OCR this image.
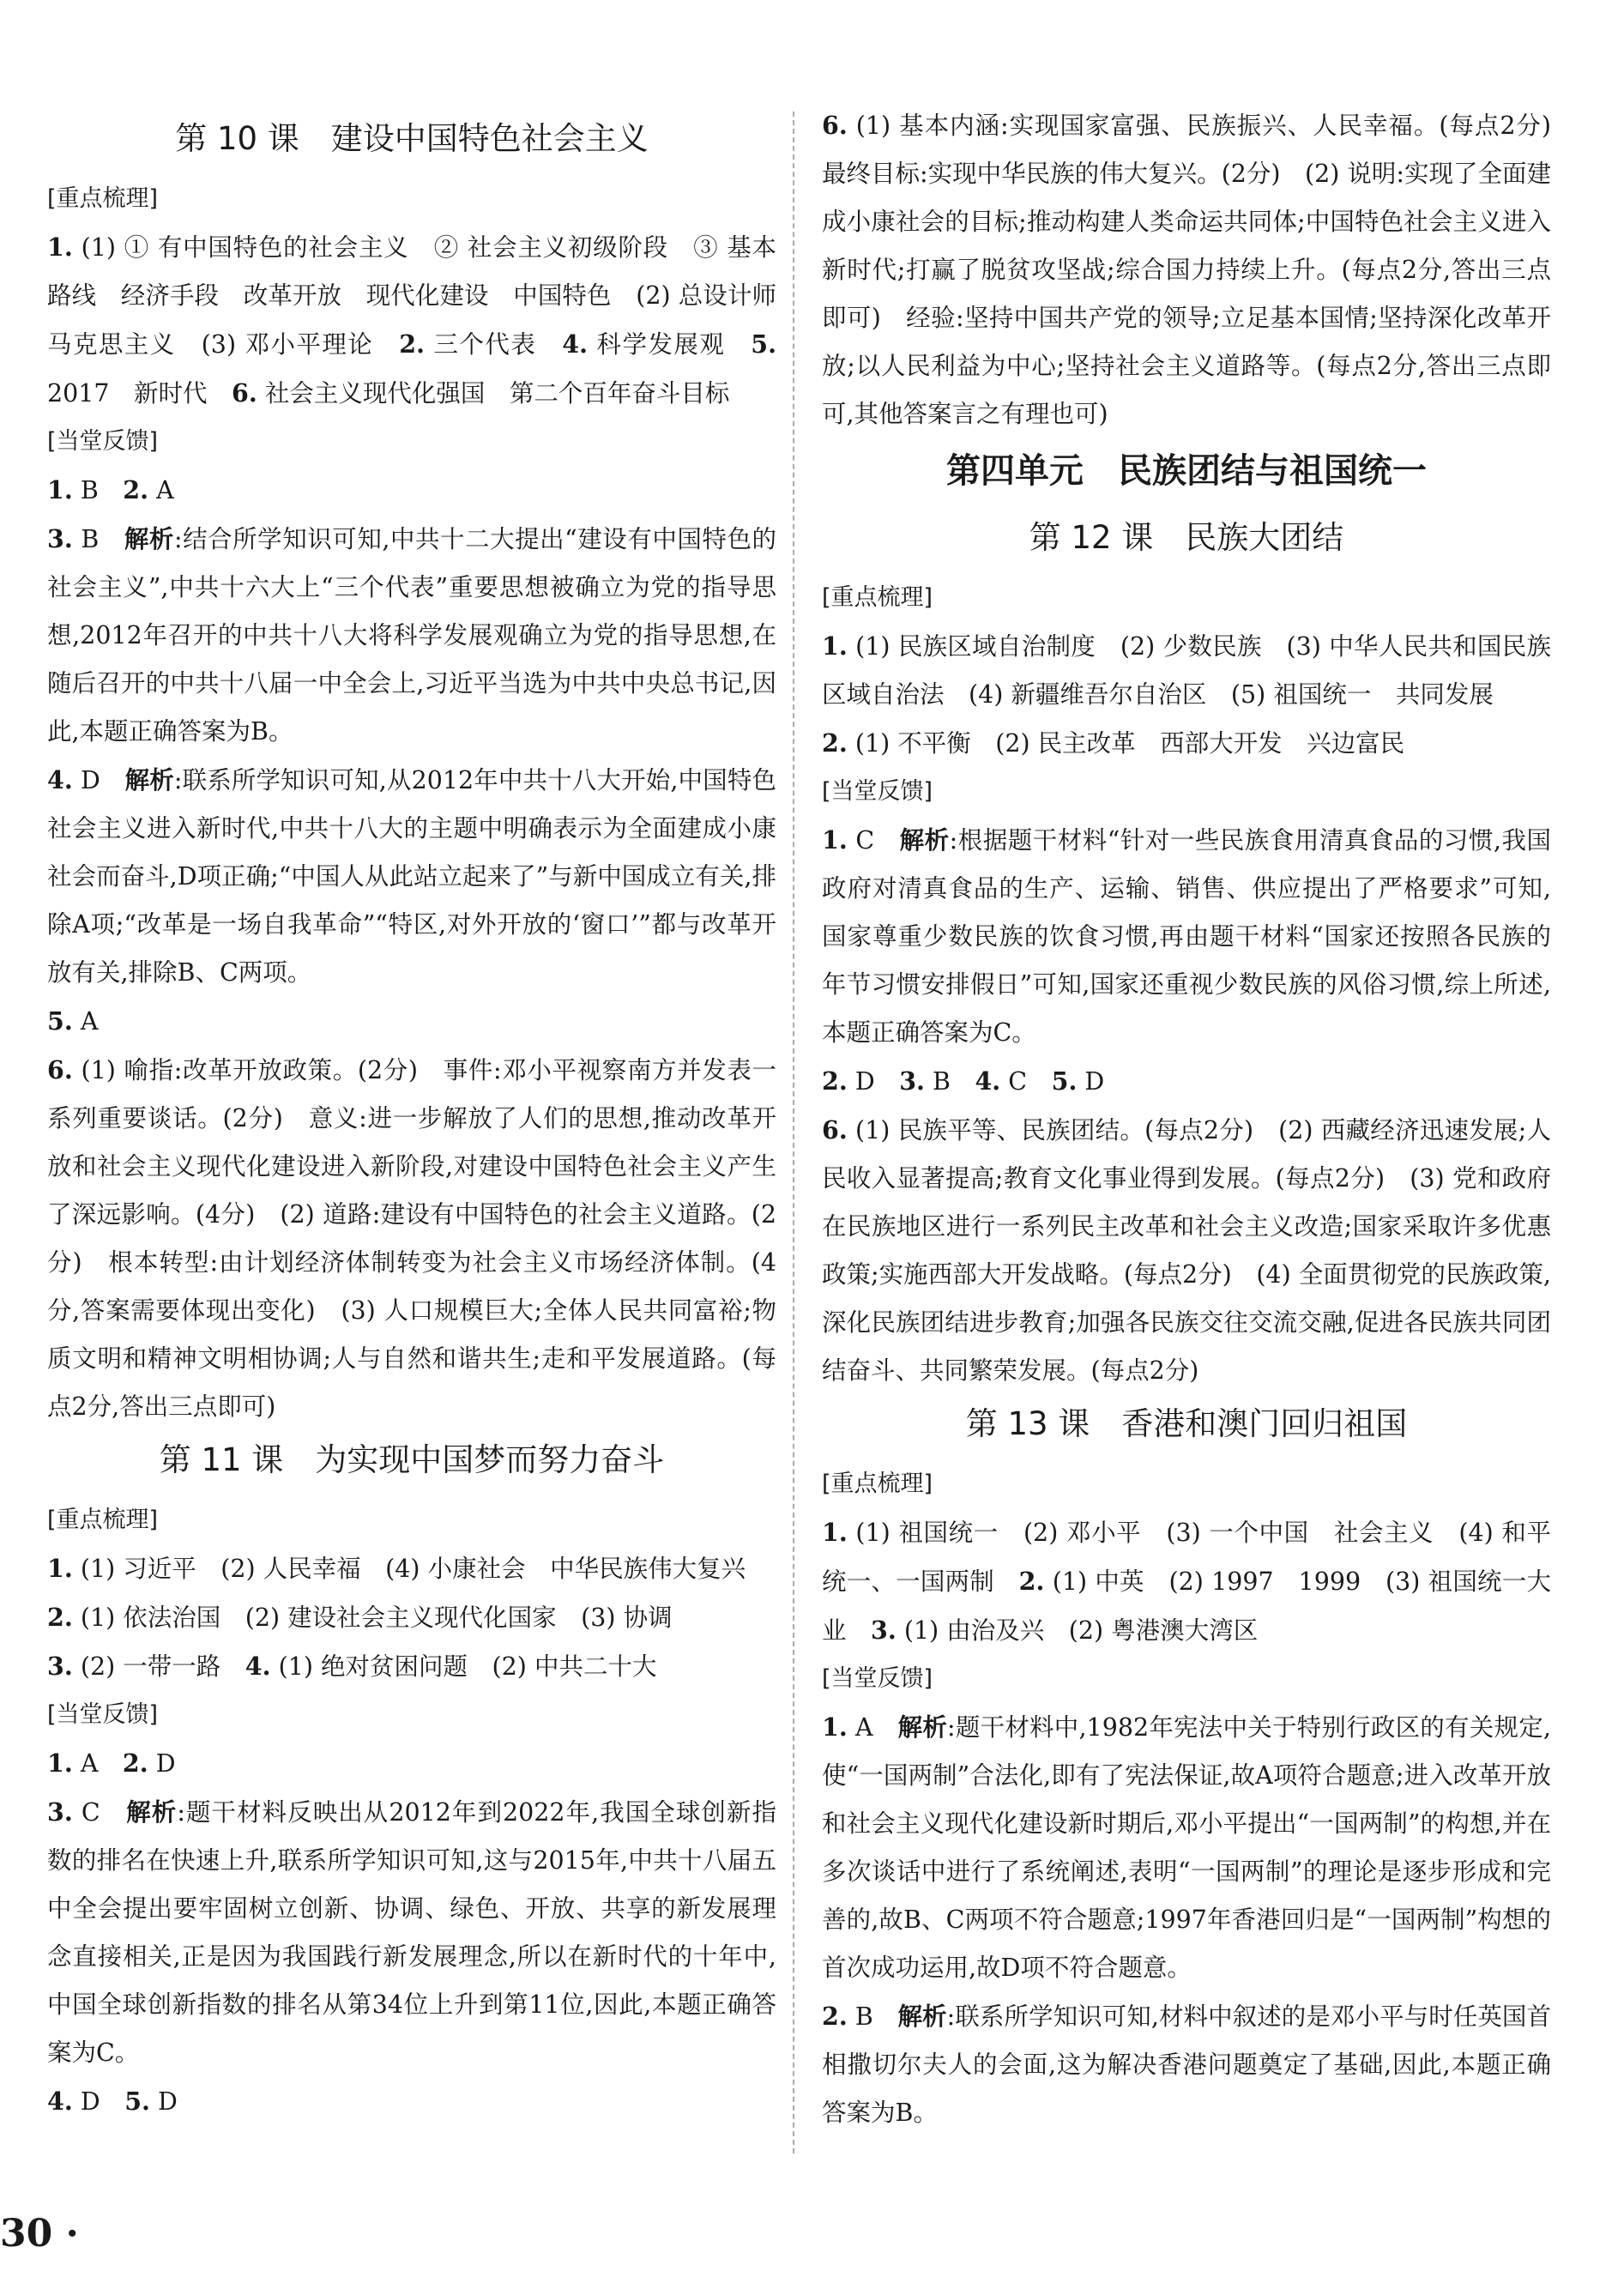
第 10 课　建设中国特色社会主义
[重点梳理]

1. (1) ① 有中国特色的社会主义　② 社会主义初级阶段　③ 基本路线　经济手段　改革开放　现代化建设　中国特色　(2) 总设计师　马克思主义　(3) 邓小平理论　2. 三个代表　4. 科学发展观　5. 2017　新时代　6. 社会主义现代化强国　第二个百年奋斗目标

[当堂反馈]

1. B　2. A

3. B　解析:结合所学知识可知,中共十二大提出“建设有中国特色的社会主义”,中共十六大上“三个代表”重要思想被确立为党的指导思想,2012年召开的中共十八大将科学发展观确立为党的指导思想,在随后召开的中共十八届一中全会上,习近平当选为中共中央总书记,因此,本题正确答案为B。

4. D　解析:联系所学知识可知,从2012年中共十八大开始,中国特色社会主义进入新时代,中共十八大的主题中明确表示为全面建成小康社会而奋斗,D项正确;“中国人从此站立起来了”与新中国成立有关,排除A项;“改革是一场自我革命”“特区,对外开放的‘窗口’”都与改革开放有关,排除B、C两项。

5. A

6. (1) 喻指:改革开放政策。(2分)　事件:邓小平视察南方并发表一系列重要谈话。(2分)　意义:进一步解放了人们的思想,推动改革开放和社会主义现代化建设进入新阶段,对建设中国特色社会主义产生了深远影响。(4分)　(2) 道路:建设有中国特色的社会主义道路。(2分)　根本转型:由计划经济体制转变为社会主义市场经济体制。(4分,答案需要体现出变化)　(3) 人口规模巨大;全体人民共同富裕;物质文明和精神文明相协调;人与自然和谐共生;走和平发展道路。(每点2分,答出三点即可)

第 11 课　为实现中国梦而努力奋斗
[重点梳理]

1. (1) 习近平　(2) 人民幸福　(4) 小康社会　中华民族伟大复兴

2. (1) 依法治国　(2) 建设社会主义现代化国家　(3) 协调

3. (2) 一带一路　4. (1) 绝对贫困问题　(2) 中共二十大

[当堂反馈]

1. A　2. D

3. C　解析:题干材料反映出从2012年到2022年,我国全球创新指数的排名在快速上升,联系所学知识可知,这与2015年,中共十八届五中全会提出要牢固树立创新、协调、绿色、开放、共享的新发展理念直接相关,正是因为我国践行新发展理念,所以在新时代的十年中,中国全球创新指数的排名从第34位上升到第11位,因此,本题正确答案为C。

4. D　5. D

6. (1) 基本内涵:实现国家富强、民族振兴、人民幸福。(每点2分)　最终目标:实现中华民族的伟大复兴。(2分)　(2) 说明:实现了全面建成小康社会的目标;推动构建人类命运共同体;中国特色社会主义进入新时代;打赢了脱贫攻坚战;综合国力持续上升。(每点2分,答出三点即可)　经验:坚持中国共产党的领导;立足基本国情;坚持深化改革开放;以人民利益为中心;坚持社会主义道路等。(每点2分,答出三点即可,其他答案言之有理也可)

第四单元　民族团结与祖国统一
第 12 课　民族大团结
[重点梳理]

1. (1) 民族区域自治制度　(2) 少数民族　(3) 中华人民共和国民族区域自治法　(4) 新疆维吾尔自治区　(5) 祖国统一　共同发展

2. (1) 不平衡　(2) 民主改革　西部大开发　兴边富民

[当堂反馈]

1. C　解析:根据题干材料“针对一些民族食用清真食品的习惯,我国政府对清真食品的生产、运输、销售、供应提出了严格要求”可知,国家尊重少数民族的饮食习惯,再由题干材料“国家还按照各民族的年节习惯安排假日”可知,国家还重视少数民族的风俗习惯,综上所述,本题正确答案为C。

2. D　3. B　4. C　5. D

6. (1) 民族平等、民族团结。(每点2分)　(2) 西藏经济迅速发展;人民收入显著提高;教育文化事业得到发展。(每点2分)　(3) 党和政府在民族地区进行一系列民主改革和社会主义改造;国家采取许多优惠政策;实施西部大开发战略。(每点2分)　(4) 全面贯彻党的民族政策,深化民族团结进步教育;加强各民族交往交流交融,促进各民族共同团结奋斗、共同繁荣发展。(每点2分)

第 13 课　香港和澳门回归祖国
[重点梳理]

1. (1) 祖国统一　(2) 邓小平　(3) 一个中国　社会主义　(4) 和平统一、一国两制　2. (1) 中英　(2) 1997　1999　(3) 祖国统一大业　3. (1) 由治及兴　(2) 粤港澳大湾区

[当堂反馈]

1. A　解析:题干材料中,1982年宪法中关于特别行政区的有关规定,使“一国两制”合法化,即有了宪法保证,故A项符合题意;进入改革开放和社会主义现代化建设新时期后,邓小平提出“一国两制”的构想,并在多次谈话中进行了系统阐述,表明“一国两制”的理论是逐步形成和完善的,故B、C两项不符合题意;1997年香港回归是“一国两制”构想的首次成功运用,故D项不符合题意。

2. B　解析:联系所学知识可知,材料中叙述的是邓小平与时任英国首相撒切尔夫人的会面,这为解决香港问题奠定了基础,因此,本题正确答案为B。

30 ·
